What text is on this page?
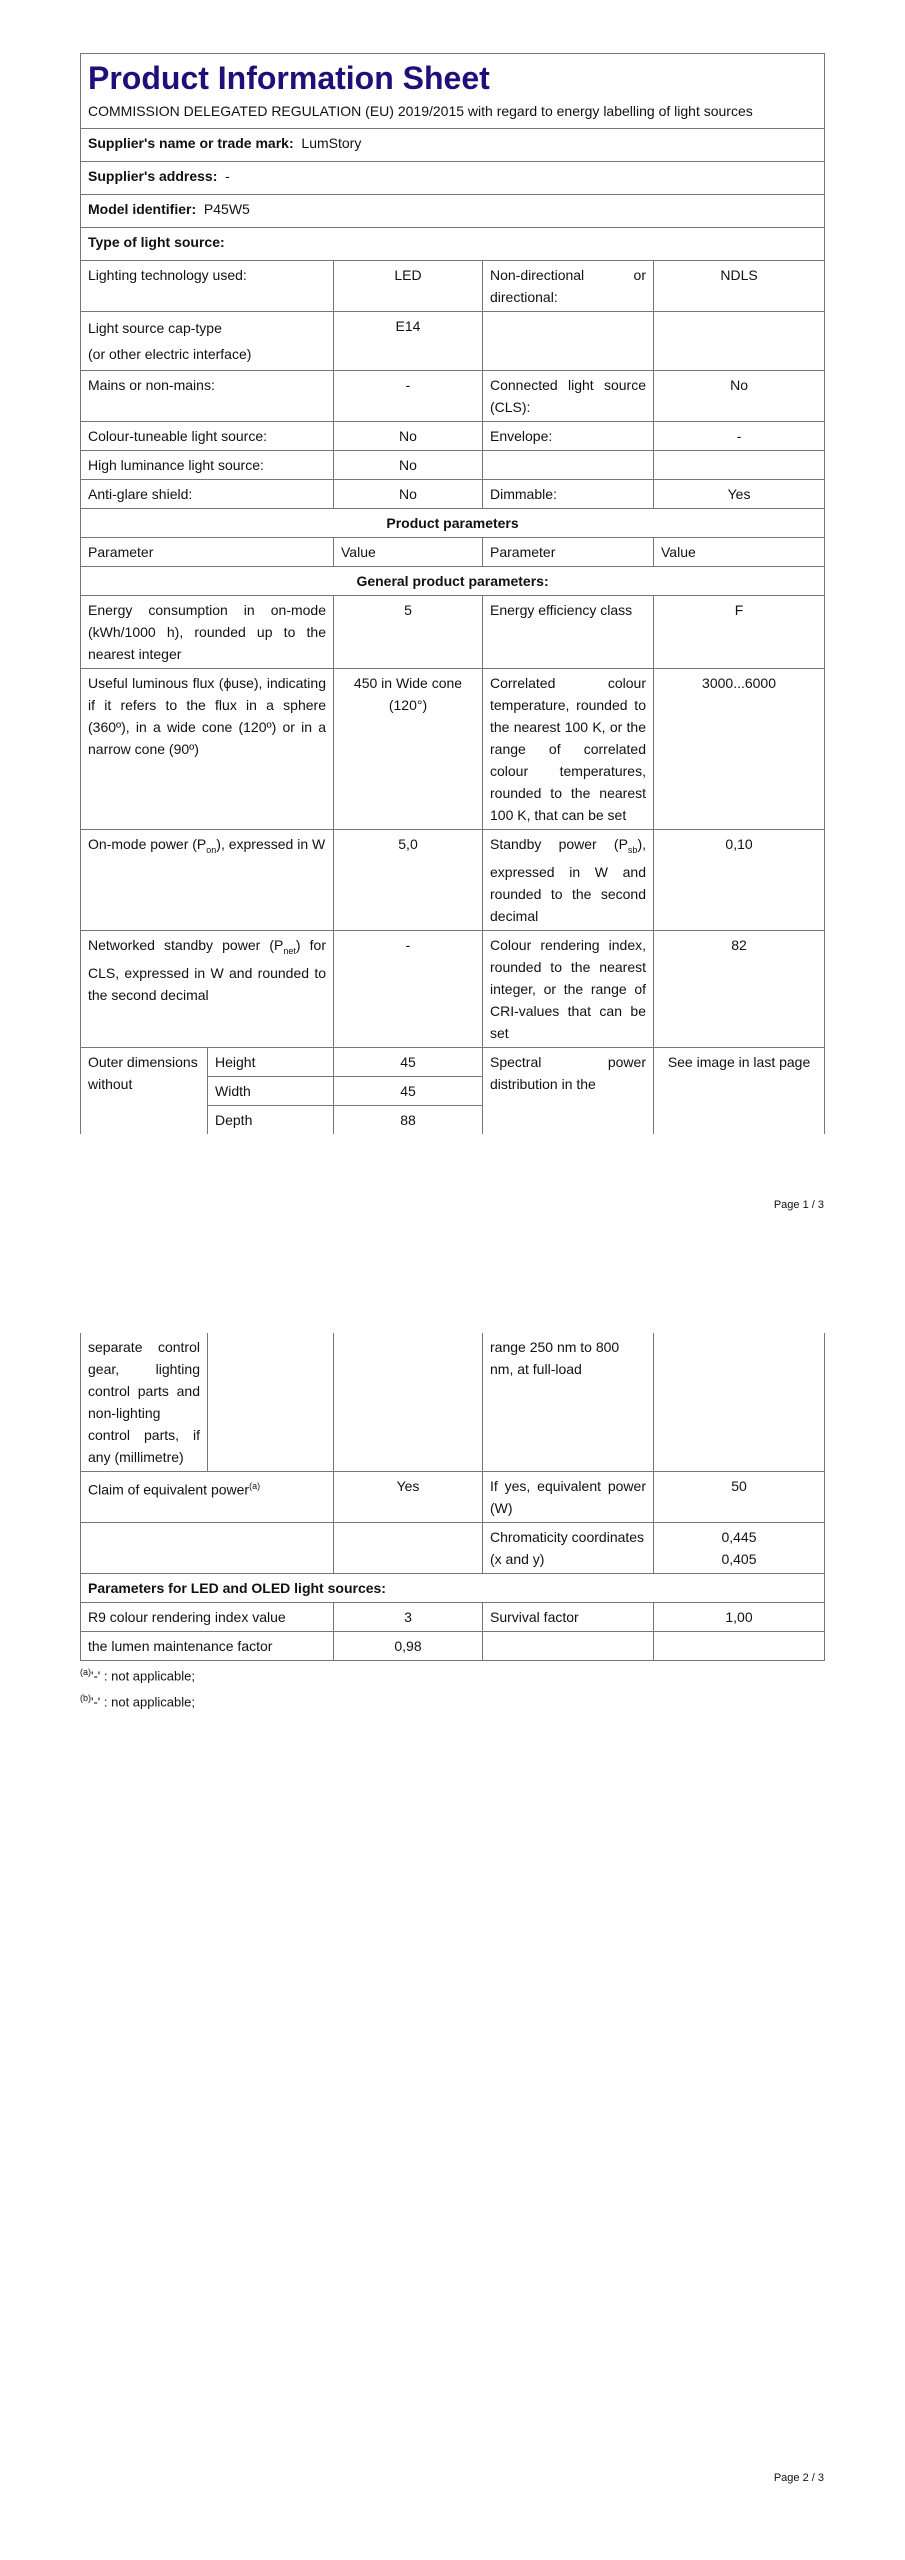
Product Information Sheet
COMMISSION DELEGATED REGULATION (EU) 2019/2015 with regard to energy labelling of light sources				

Supplier's name or trade mark: LumStory				
Supplier's address: -				
Model identifier: P45W5				
Type of light source:				
Lighting technology used:		LED	Non-directional or directional:	NDLS

Light source cap-type
(or other electric interface)		E14		
Mains or non-mains:		-	Connected light source (CLS):	No
Colour-tuneable light source:		No	Envelope:	-
High luminance light source:		No		
Anti-glare shield:		No	Dimmable:	Yes
Product parameters				
Parameter		Value	Parameter	Value
General product parameters:				
Energy consumption in on-mode (kWh/1000 h), rounded up to the nearest integer		5	Energy efficiency class	F
Useful luminous flux (ϕuse), indicating if it refers to the flux in a sphere (360º), in a wide cone (120º) or in a narrow cone (90º)		450 in Wide cone (120°)	Correlated colour temperature, rounded to the nearest 100 K, or the range of correlated colour temperatures, rounded to the nearest 100 K, that can be set	3000...6000
On-mode power $(P_{on})$, expressed in W		5,0	Standby power $(P_{sb})$, expressed in W and rounded to the second decimal	0,10
Networked standby power $(P_{net})$ for CLS, expressed in W and rounded to the second decimal		-	Colour rendering index, rounded to the nearest integer, or the range of CRI-values that can be set	82
Outer dimensions without	Height	45	Spectral power distribution in the	See image in last page
	Width	45		
	Depth	88		
Page 1 / 3
separate control gear, lighting control parts and non-lighting control parts, if any (millimetre)			range 250 nm to 800 nm, at full-load	
Claim of equivalent power$^{(a)}$		Yes	If yes, equivalent power (W)	50
			Chromaticity coordinates (x and y)	0,445
0,405

Parameters for LED and OLED light sources:				
R9 colour rendering index value		3	Survival factor	1,00
the lumen maintenance factor		0,98		
$^{(a)}$'-' : not applicable;
$^{(b)}$'-' : not applicable;
Page 2 / 3
